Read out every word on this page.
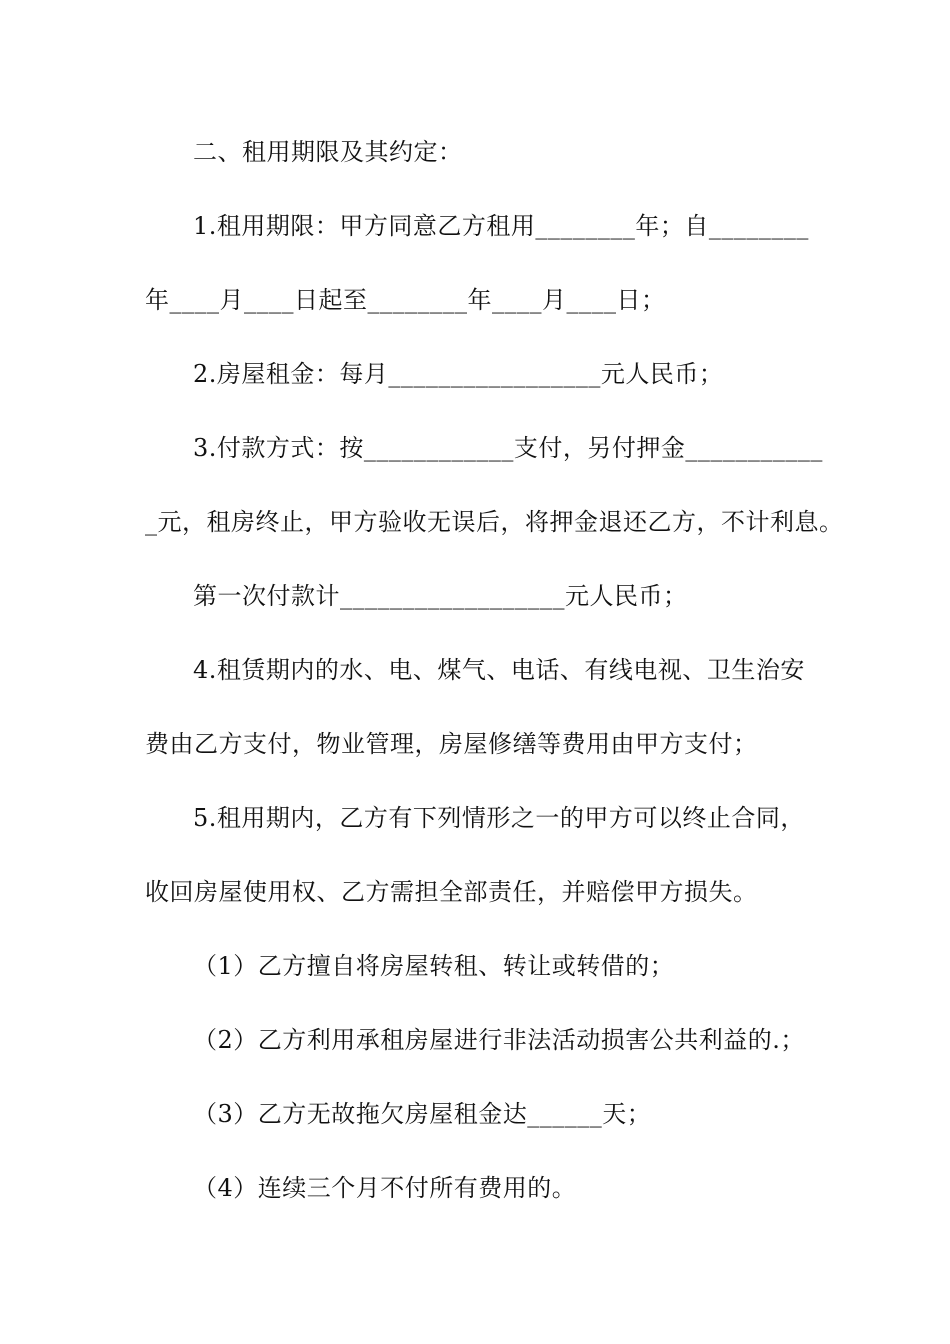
二、租用期限及其约定：
1.租用期限：甲方同意乙方租用________年；自________
年____月____日起至________年____月____日；
2.房屋租金：每月_________________元人民币；
3.付款方式：按____________支付，另付押金___________
_元，租房终止，甲方验收无误后，将押金退还乙方，不计利息。
第一次付款计__________________元人民币；
4.租赁期内的水、电、煤气、电话、有线电视、卫生治安
费由乙方支付，物业管理，房屋修缮等费用由甲方支付；
5.租用期内，乙方有下列情形之一的甲方可以终止合同，
收回房屋使用权、乙方需担全部责任，并赔偿甲方损失。
（1）乙方擅自将房屋转租、转让或转借的；
（2）乙方利用承租房屋进行非法活动损害公共利益的.；
（3）乙方无故拖欠房屋租金达______天；
（4）连续三个月不付所有费用的。
